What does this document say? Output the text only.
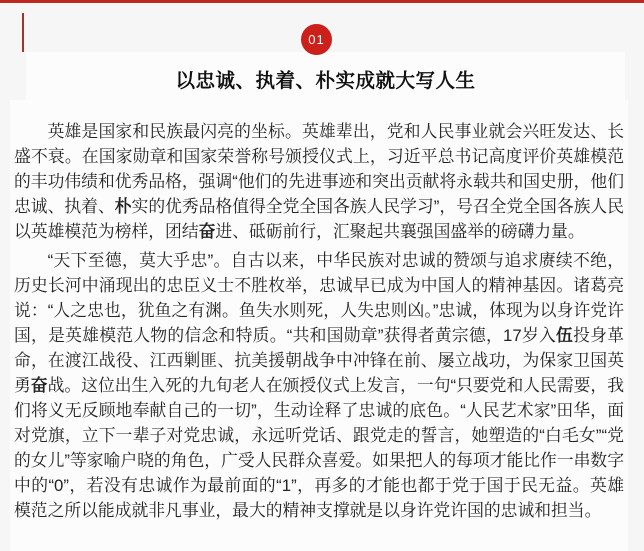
01
以忠诚、执着、朴实成就大写人生

英雄是国家和民族最闪亮的坐标。英雄辈出，党和人民事业就会兴旺发达、长盛不衰。在国家勋章和国家荣誉称号颁授仪式上，习近平总书记高度评价英雄模范的丰功伟绩和优秀品格，强调“他们的先进事迹和突出贡献将永载共和国史册，他们忠诚、执着、朴实的优秀品格值得全党全国各族人民学习”，号召全党全国各族人民以英雄模范为榜样，团结奋进、砥砺前行，汇聚起共襄强国盛举的磅礴力量。

“天下至德，莫大乎忠”。自古以来，中华民族对忠诚的赞颂与追求赓续不绝，历史长河中涌现出的忠臣义士不胜枚举，忠诚早已成为中国人的精神基因。诸葛亮说：“人之忠也，犹鱼之有渊。鱼失水则死，人失忠则凶。”忠诚，体现为以身许党许国，是英雄模范人物的信念和特质。“共和国勋章”获得者黄宗德，17岁入伍投身革命，在渡江战役、江西剿匪、抗美援朝战争中冲锋在前、屡立战功，为保家卫国英勇奋战。这位出生入死的九旬老人在颁授仪式上发言，一句“只要党和人民需要，我们将义无反顾地奉献自己的一切”，生动诠释了忠诚的底色。“人民艺术家”田华，面对党旗，立下一辈子对党忠诚，永远听党话、跟党走的誓言，她塑造的“白毛女”“党的女儿”等家喻户晓的角色，广受人民群众喜爱。如果把人的每项才能比作一串数字中的“0”，若没有忠诚作为最前面的“1”，再多的才能也都于党于国于民无益。英雄模范之所以能成就非凡事业，最大的精神支撑就是以身许党许国的忠诚和担当。
